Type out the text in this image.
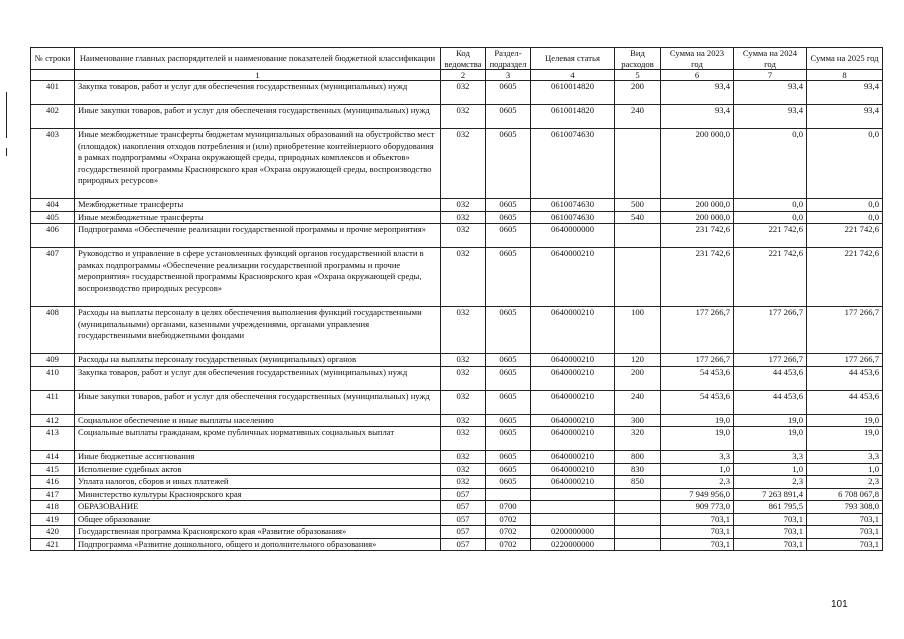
№ строки	Наименование главных распорядителей и наименование показателей бюджетной классификации	Код ведомства	Раздел-подраздел	Целевая статья	Вид расходов	Сумма на 2023 год	Сумма на 2024 год	Сумма на 2025 год
	1	2	3	4	5	6	7	8
401	Закупка товаров, работ и услуг для обеспечения государственных (муниципальных) нужд	032	0605	0610014820	200	93,4	93,4	93,4
402	Иные закупки товаров, работ и услуг для обеспечения государственных (муниципальных) нужд	032	0605	0610014820	240	93,4	93,4	93,4
403	Иные межбюджетные трансферты бюджетам муниципальных образований на обустройство мест (площадок) накопления отходов потребления и (или) приобретение контейнерного оборудования в рамках подпрограммы «Охрана окружающей среды, природных комплексов и объектов» государственной программы Красноярского края «Охрана окружающей среды, воспроизводство природных ресурсов»	032	0605	0610074630		200 000,0	0,0	0,0
404	Межбюджетные трансферты	032	0605	0610074630	500	200 000,0	0,0	0,0
405	Иные межбюджетные трансферты	032	0605	0610074630	540	200 000,0	0,0	0,0
406	Подпрограмма «Обеспечение реализации государственной программы и прочие мероприятия»	032	0605	0640000000		231 742,6	221 742,6	221 742,6
407	Руководство и управление в сфере установленных функций органов государственной власти в рамках подпрограммы «Обеспечение реализации государственной программы и прочие мероприятия» государственной программы Красноярского края «Охрана окружающей среды, воспроизводство природных ресурсов»	032	0605	0640000210		231 742,6	221 742,6	221 742,6
408	Расходы на выплаты персоналу в целях обеспечения выполнения функций государственными (муниципальными) органами, казенными учреждениями, органами управления государственными внебюджетными фондами	032	0605	0640000210	100	177 266,7	177 266,7	177 266,7
409	Расходы на выплаты персоналу государственных (муниципальных) органов	032	0605	0640000210	120	177 266,7	177 266,7	177 266,7
410	Закупка товаров, работ и услуг для обеспечения государственных (муниципальных) нужд	032	0605	0640000210	200	54 453,6	44 453,6	44 453,6
411	Иные закупки товаров, работ и услуг для обеспечения государственных (муниципальных) нужд	032	0605	0640000210	240	54 453,6	44 453,6	44 453,6
412	Социальное обеспечение и иные выплаты населению	032	0605	0640000210	300	19,0	19,0	19,0
413	Социальные выплаты гражданам, кроме публичных нормативных социальных выплат	032	0605	0640000210	320	19,0	19,0	19,0
414	Иные бюджетные ассигнования	032	0605	0640000210	800	3,3	3,3	3,3
415	Исполнение судебных актов	032	0605	0640000210	830	1,0	1,0	1,0
416	Уплата налогов, сборов и иных платежей	032	0605	0640000210	850	2,3	2,3	2,3
417	Министерство культуры Красноярского края	057				7 949 956,0	7 263 891,4	6 708 067,8
418	ОБРАЗОВАНИЕ	057	0700			909 773,0	861 795,5	793 308,0
419	Общее образование	057	0702			703,1	703,1	703,1
420	Государственная программа Красноярского края «Развитие образования»	057	0702	0200000000		703,1	703,1	703,1
421	Подпрограмма «Развитие дошкольного, общего и дополнительного образования»	057	0702	0220000000		703,1	703,1	703,1
101
